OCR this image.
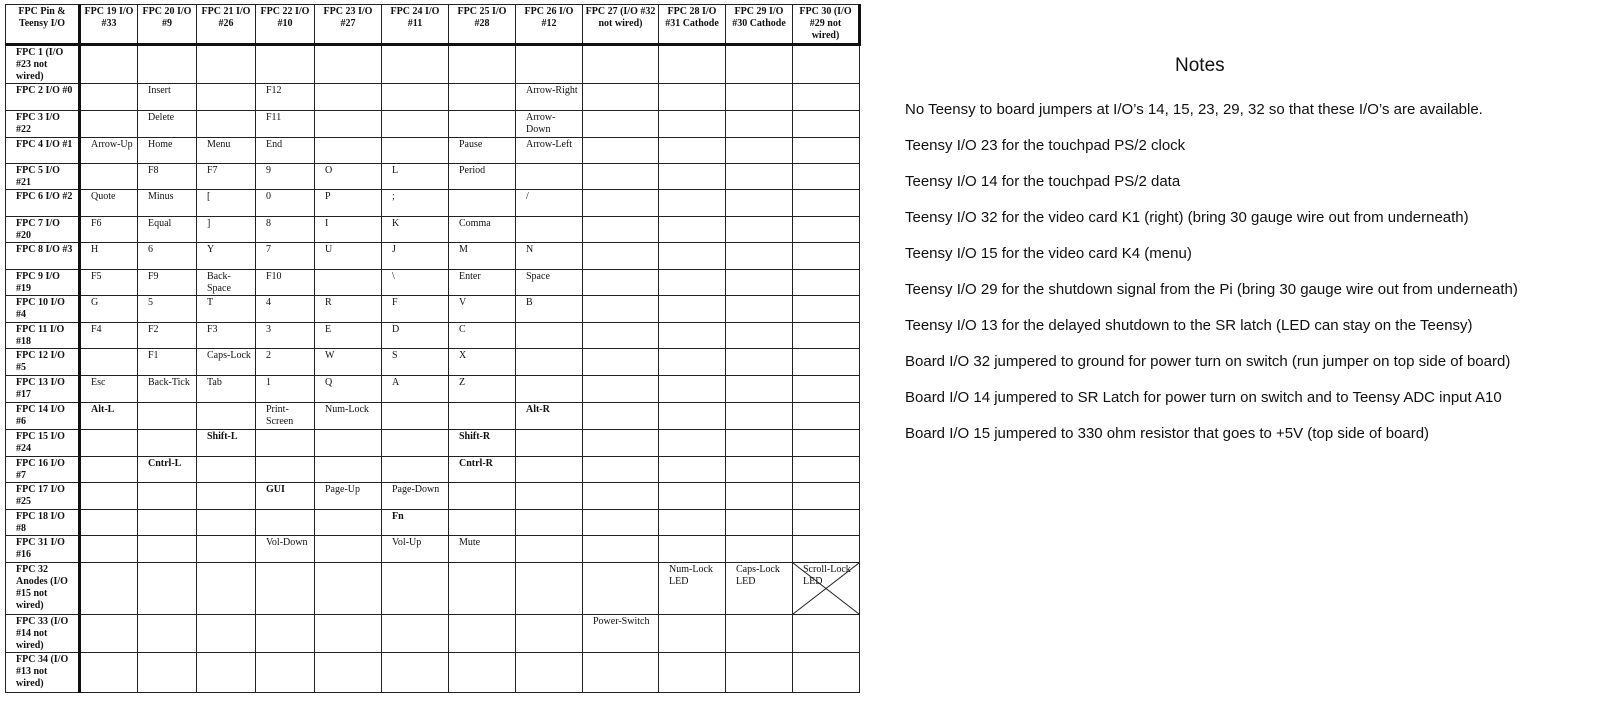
FPC Pin & Teensy I/O	FPC 19 I/O #33	FPC 20 I/O #9	FPC 21 I/O #26	FPC 22 I/O #10	FPC 23 I/O #27	FPC 24 I/O #11	FPC 25 I/O #28	FPC 26 I/O #12	FPC 27 (I/O #32 not wired)	FPC 28 I/O #31 Cathode	FPC 29 I/O #30 Cathode	FPC 30 (I/O #29 not wired)
FPC 1 (I/O #23 not wired)												
FPC 2 I/O #0		Insert		F12				Arrow-Right				
FPC 3 I/O #22		Delete		F11				Arrow-Down				
FPC 4 I/O #1	Arrow-Up	Home	Menu	End			Pause	Arrow-Left				
FPC 5 I/O #21		F8	F7	9	O	L	Period					
FPC 6 I/O #2	Quote	Minus	[	0	P	;		/				
FPC 7 I/O #20	F6	Equal	]	8	I	K	Comma					
FPC 8 I/O #3	H	6	Y	7	U	J	M	N				
FPC 9 I/O #19	F5	F9	Back-Space	F10		\	Enter	Space				
FPC 10 I/O #4	G	5	T	4	R	F	V	B				
FPC 11 I/O #18	F4	F2	F3	3	E	D	C					
FPC 12 I/O #5		F1	Caps-Lock	2	W	S	X					
FPC 13 I/O #17	Esc	Back-Tick	Tab	1	Q	A	Z					
FPC 14 I/O #6	Alt-L			Print-Screen	Num-Lock			Alt-R				
FPC 15 I/O #24			Shift-L				Shift-R					
FPC 16 I/O #7		Cntrl-L					Cntrl-R					
FPC 17 I/O #25				GUI	Page-Up	Page-Down						
FPC 18 I/O #8						Fn						
FPC 31 I/O #16				Vol-Down		Vol-Up	Mute					
FPC 32 Anodes (I/O #15 not wired)										Num-Lock LED	Caps-Lock LED	Scroll-Lock LED
FPC 33 (I/O #14 not wired)									Power-Switch			
FPC 34 (I/O #13 not wired)												
Notes

No Teensy to board jumpers at I/O’s 14, 15, 23, 29, 32 so that these I/O’s are available.

Teensy I/O 23 for the touchpad PS/2 clock

Teensy I/O 14 for the touchpad PS/2 data

Teensy I/O 32 for the video card K1 (right) (bring 30 gauge wire out from underneath)

Teensy I/O 15 for the video card K4 (menu)

Teensy I/O 29 for the shutdown signal from the Pi (bring 30 gauge wire out from underneath)

Teensy I/O 13 for the delayed shutdown to the SR latch (LED can stay on the Teensy)

Board I/O 32 jumpered to ground for power turn on switch (run jumper on top side of board)

Board I/O 14 jumpered to SR Latch for power turn on switch and to Teensy ADC input A10

Board I/O 15 jumpered to 330 ohm resistor that goes to +5V (top side of board)
